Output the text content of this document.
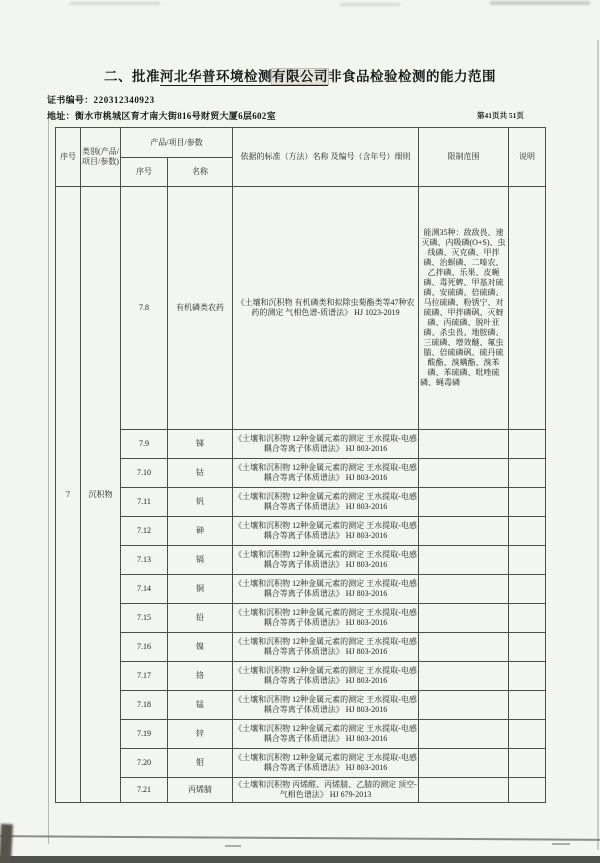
二、批准河北华普环境检测有限公司非食品检验检测的能力范围
证书编号：220312340923
地址：衡水市桃城区育才南大街816号财贸大厦6层602室	第41页共 51页
序号	类别(产品/项目/参数)	产品/项目/参数		依据的标准（方法）名称 及编号（含年号）细则	限制范围	说明
		序号	名称			
7	沉积物	7.8	有机磷类农药	《土壤和沉积物 有机磷类和拟除虫菊酯类等47种农药的测定 气相色谱-质谱法》 HJ 1023-2019	能测35种：敌敌畏、速灭磷、内吸磷(O+S)、虫线磷、灭克磷、甲拌磷、治螟磷、二嗪农、乙拌磷、乐果、皮蝇磷、毒死蜱、甲基对硫磷、安硫磷、倍硫磷、马拉硫磷、粉锈宁、对硫磷、甲拌磷砜、灭蚜磷、丙硫磷、脱叶亚磷、杀虫畏、地胺磷、三硫磷、增效醚、氟虫腈、倍硫磷砜、硫丹硫酸酯、溴螨酯、溴苯磷、苯硫磷、吡唑硫磷、蝇毒磷	
		7.9	锑	《土壤和沉积物 12种金属元素的测定 王水提取-电感耦合等离子体质谱法》 HJ 803-2016		
		7.10	钴	《土壤和沉积物 12种金属元素的测定 王水提取-电感耦合等离子体质谱法》 HJ 803-2016		
		7.11	钒	《土壤和沉积物 12种金属元素的测定 王水提取-电感耦合等离子体质谱法》 HJ 803-2016		
		7.12	砷	《土壤和沉积物 12种金属元素的测定 王水提取-电感耦合等离子体质谱法》 HJ 803-2016		
		7.13	镉	《土壤和沉积物 12种金属元素的测定 王水提取-电感耦合等离子体质谱法》 HJ 803-2016		
		7.14	铜	《土壤和沉积物 12种金属元素的测定 王水提取-电感耦合等离子体质谱法》 HJ 803-2016		
		7.15	铅	《土壤和沉积物 12种金属元素的测定 王水提取-电感耦合等离子体质谱法》 HJ 803-2016		
		7.16	镍	《土壤和沉积物 12种金属元素的测定 王水提取-电感耦合等离子体质谱法》 HJ 803-2016		
		7.17	铬	《土壤和沉积物 12种金属元素的测定 王水提取-电感耦合等离子体质谱法》 HJ 803-2016		
		7.18	锰	《土壤和沉积物 12种金属元素的测定 王水提取-电感耦合等离子体质谱法》 HJ 803-2016		
		7.19	锌	《土壤和沉积物 12种金属元素的测定 王水提取-电感耦合等离子体质谱法》 HJ 803-2016		
		7.20	钼	《土壤和沉积物 12种金属元素的测定 王水提取-电感耦合等离子体质谱法》 HJ 803-2016		
		7.21	丙烯腈	《土壤和沉积物 丙烯醛、丙烯腈、乙腈的测定 顶空-气相色谱法》 HJ 679-2013		
